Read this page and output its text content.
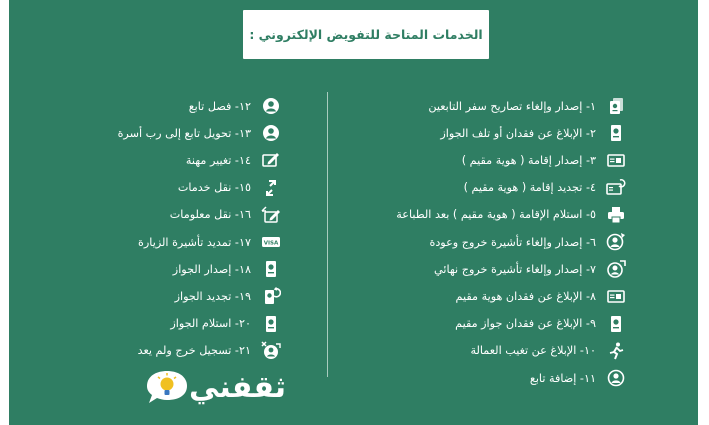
الخدمات المتاحة للتفويض الإلكتروني :
١- إصدار وإلغاء تصاريح سفر التابعين
٢- الإبلاغ عن فقدان أو تلف الجواز
٣- إصدار إقامة ( هوية مقيم )
٤- تجديد إقامة ( هوية مقيم )
٥- استلام الإقامة ( هوية مقيم ) بعد الطباعة
٦- إصدار وإلغاء تأشيرة خروج وعودة
٧- إصدار وإلغاء تأشيرة خروج نهائي
٨- الإبلاغ عن فقدان هوية مقيم
٩- الإبلاغ عن فقدان جواز مقيم
١٠- الإبلاغ عن تغيب العمالة
١١- إضافة تابع
١٢- فصل تابع
١٣- تحويل تابع إلى رب أسرة
١٤- تغيير مهنة
١٥- نقل خدمات
١٦- نقل معلومات
VISA
١٧- تمديد تأشيرة الزيارة
١٨- إصدار الجواز
١٩- تجديد الجواز
٢٠- استلام الجواز
٢١- تسجيل خرج ولم يعد
ثقفني
